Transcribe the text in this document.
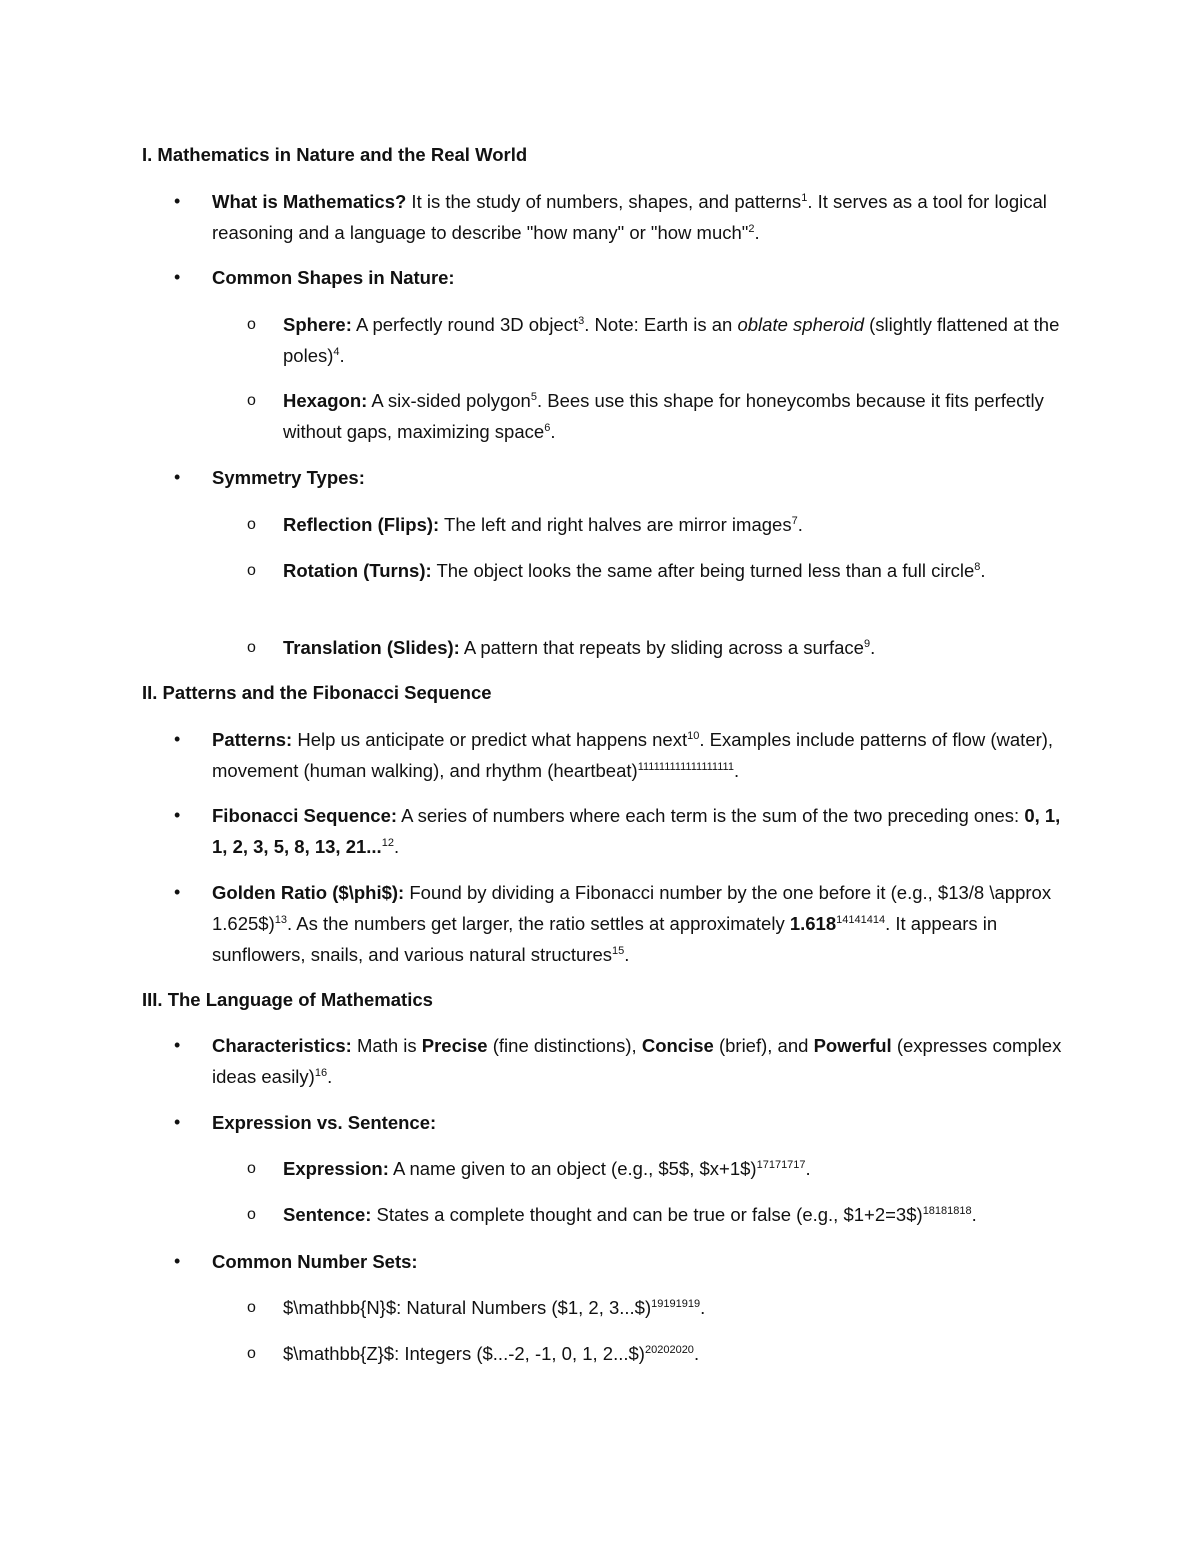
I. Mathematics in Nature and the Real World
• What is Mathematics? It is the study of numbers, shapes, and patterns$^1$. It serves as a tool for logical reasoning and a language to describe "how many" or "how much"$^2$.
• Common Shapes in Nature:
o Sphere: A perfectly round 3D object$^3$. Note: Earth is an oblate spheroid (slightly flattened at the poles)$^4$.
o Hexagon: A six-sided polygon$^5$. Bees use this shape for honeycombs because it fits perfectly without gaps, maximizing space$^6$.
• Symmetry Types:
o Reflection (Flips): The left and right halves are mirror images$^7$.
o Rotation (Turns): The object looks the same after being turned less than a full circle$^8$.
o Translation (Slides): A pattern that repeats by sliding across a surface$^9$.
II. Patterns and the Fibonacci Sequence
• Patterns: Help us anticipate or predict what happens next$^{10}$. Examples include patterns of flow (water), movement (human walking), and rhythm (heartbeat)$^{111111111111111111}$.
• Fibonacci Sequence: A series of numbers where each term is the sum of the two preceding ones: 0, 1, 1, 2, 3, 5, 8, 13, 21...$^{12}$.
• Golden Ratio ($\phi$): Found by dividing a Fibonacci number by the one before it (e.g., $13/8 \approx 1.625$)$^{13}$. As the numbers get larger, the ratio settles at approximately $1.618^{14141414}$. It appears in sunflowers, snails, and various natural structures$^{15}$.
III. The Language of Mathematics
• Characteristics: Math is Precise (fine distinctions), Concise (brief), and Powerful (expresses complex ideas easily)$^{16}$.
• Expression vs. Sentence:
o Expression: A name given to an object (e.g., $5$, $x+1$)$^{17171717}$.
o Sentence: States a complete thought and can be true or false (e.g., $1+2=3$)$^{18181818}$.
• Common Number Sets:
o $\mathbb{N}$: Natural Numbers ($1, 2, 3...$)$^{19191919}$.
o $\mathbb{Z}$: Integers ($...-2, -1, 0, 1, 2...$)$^{20202020}$.
